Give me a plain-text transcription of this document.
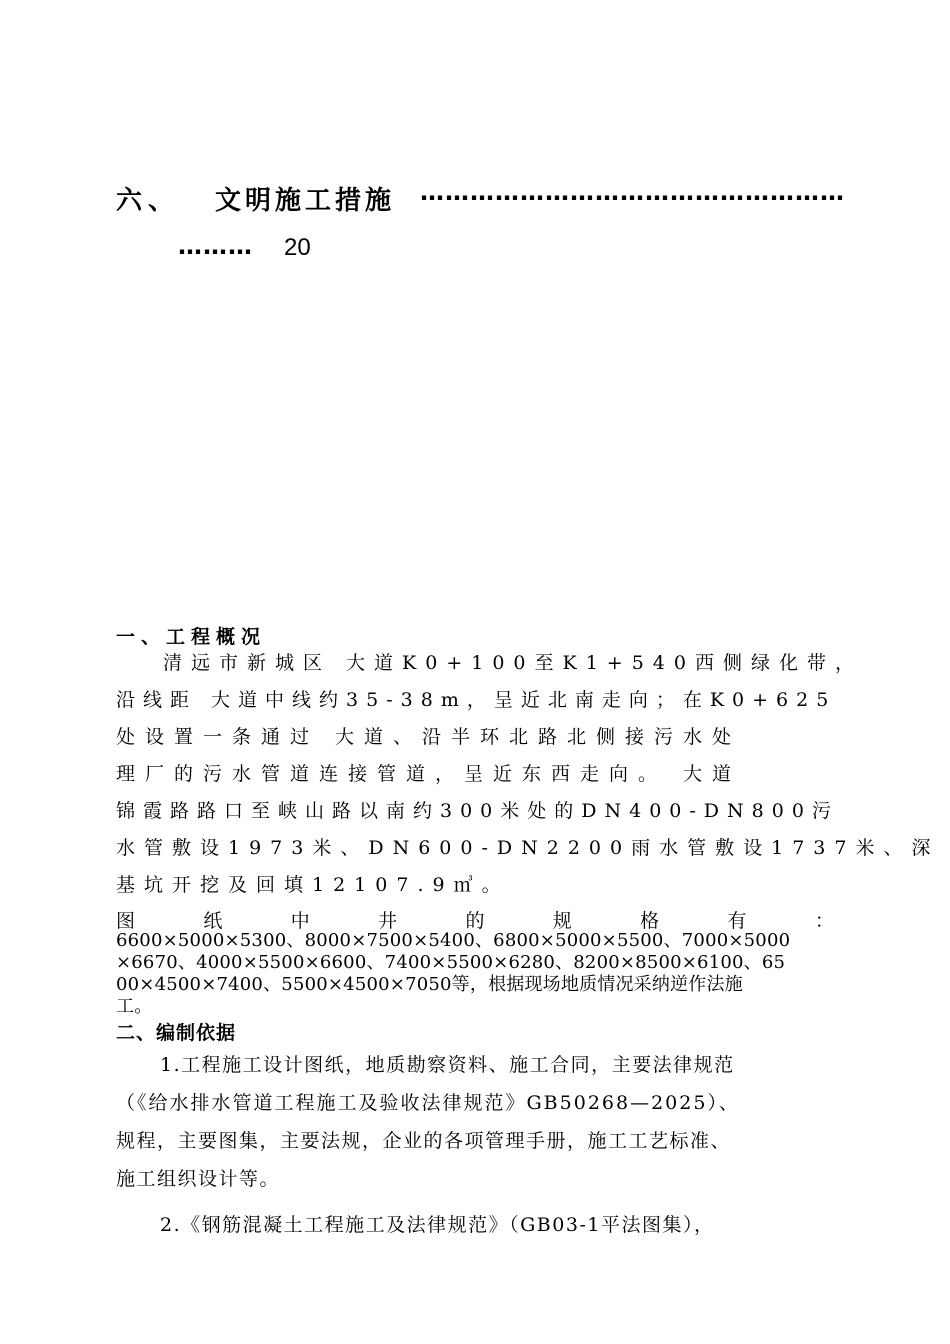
六、 文明施工措施 ……………………………………………
……… 20
一、工程概况
清远市新城区 大道K0+100至K1+540西侧绿化带，
沿线距 大道中线约35-38m，呈近北南走向；在K0+625
处设置一条通过 大道、沿半环北路北侧接污水处
理厂的污水管道连接管道，呈近东西走向。 大道
锦霞路路口至峡山路以南约300米处的DN400-DN800污
水管敷设1973米、DN600-DN2200雨水管敷设1737米、深
基坑开挖及回填12107.9㎥。
图	纸	中	井	的	规	格	有	：
6600×5000×5300、8000×7500×5400、6800×5000×5500、7000×5000
×6670、4000×5500×6600、7400×5500×6280、8200×8500×6100、65
00×4500×7400、5500×4500×7050等，根据现场地质情况采纳逆作法施
工。
二、编制依据
1.工程施工设计图纸，地质勘察资料、施工合同，主要法律规范
（《给水排水管道工程施工及验收法律规范》GB50268—2025）、
规程，主要图集，主要法规，企业的各项管理手册，施工工艺标准、
施工组织设计等。
2.《钢筋混凝土工程施工及法律规范》（GB03-1平法图集），
